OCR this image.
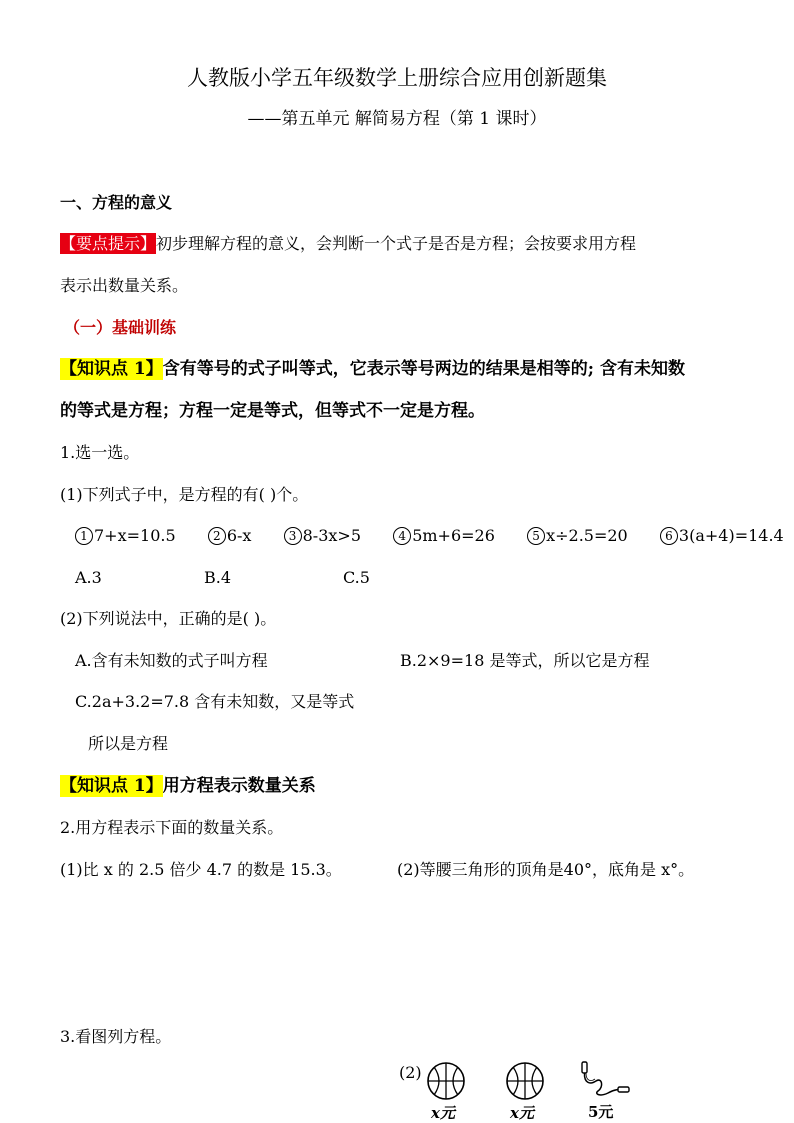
人教版小学五年级数学上册综合应用创新题集
——第五单元 解简易方程（第 1 课时）
一、方程的意义
【要点提示】初步理解方程的意义，会判断一个式子是否是方程；会按要求用方程
表示出数量关系。
（一）基础训练
【知识点 1】含有等号的式子叫等式，它表示等号两边的结果是相等的; 含有未知数
的等式是方程；方程一定是等式，但等式不一定是方程。
1.选一选。
(1)下列式子中，是方程的有( )个。
1 7+x=10.5	2 6-x	3 8-3x>5	4 5m+6=26	5 x÷2.5=20	6 3(a+4)=14.4
A.3	B.4	C.5
(2)下列说法中，正确的是( )。
A.含有未知数的式子叫方程	B.2×9=18 是等式，所以它是方程
C.2a+3.2=7.8 含有未知数，又是等式
所以是方程
【知识点 1】用方程表示数量关系
2.用方程表示下面的数量关系。
(1)比 x 的 2.5 倍少 4.7 的数是 15.3。	(2)等腰三角形的顶角是40°，底角是 x°。
3.看图列方程。
(2)
x元	x元	5元
